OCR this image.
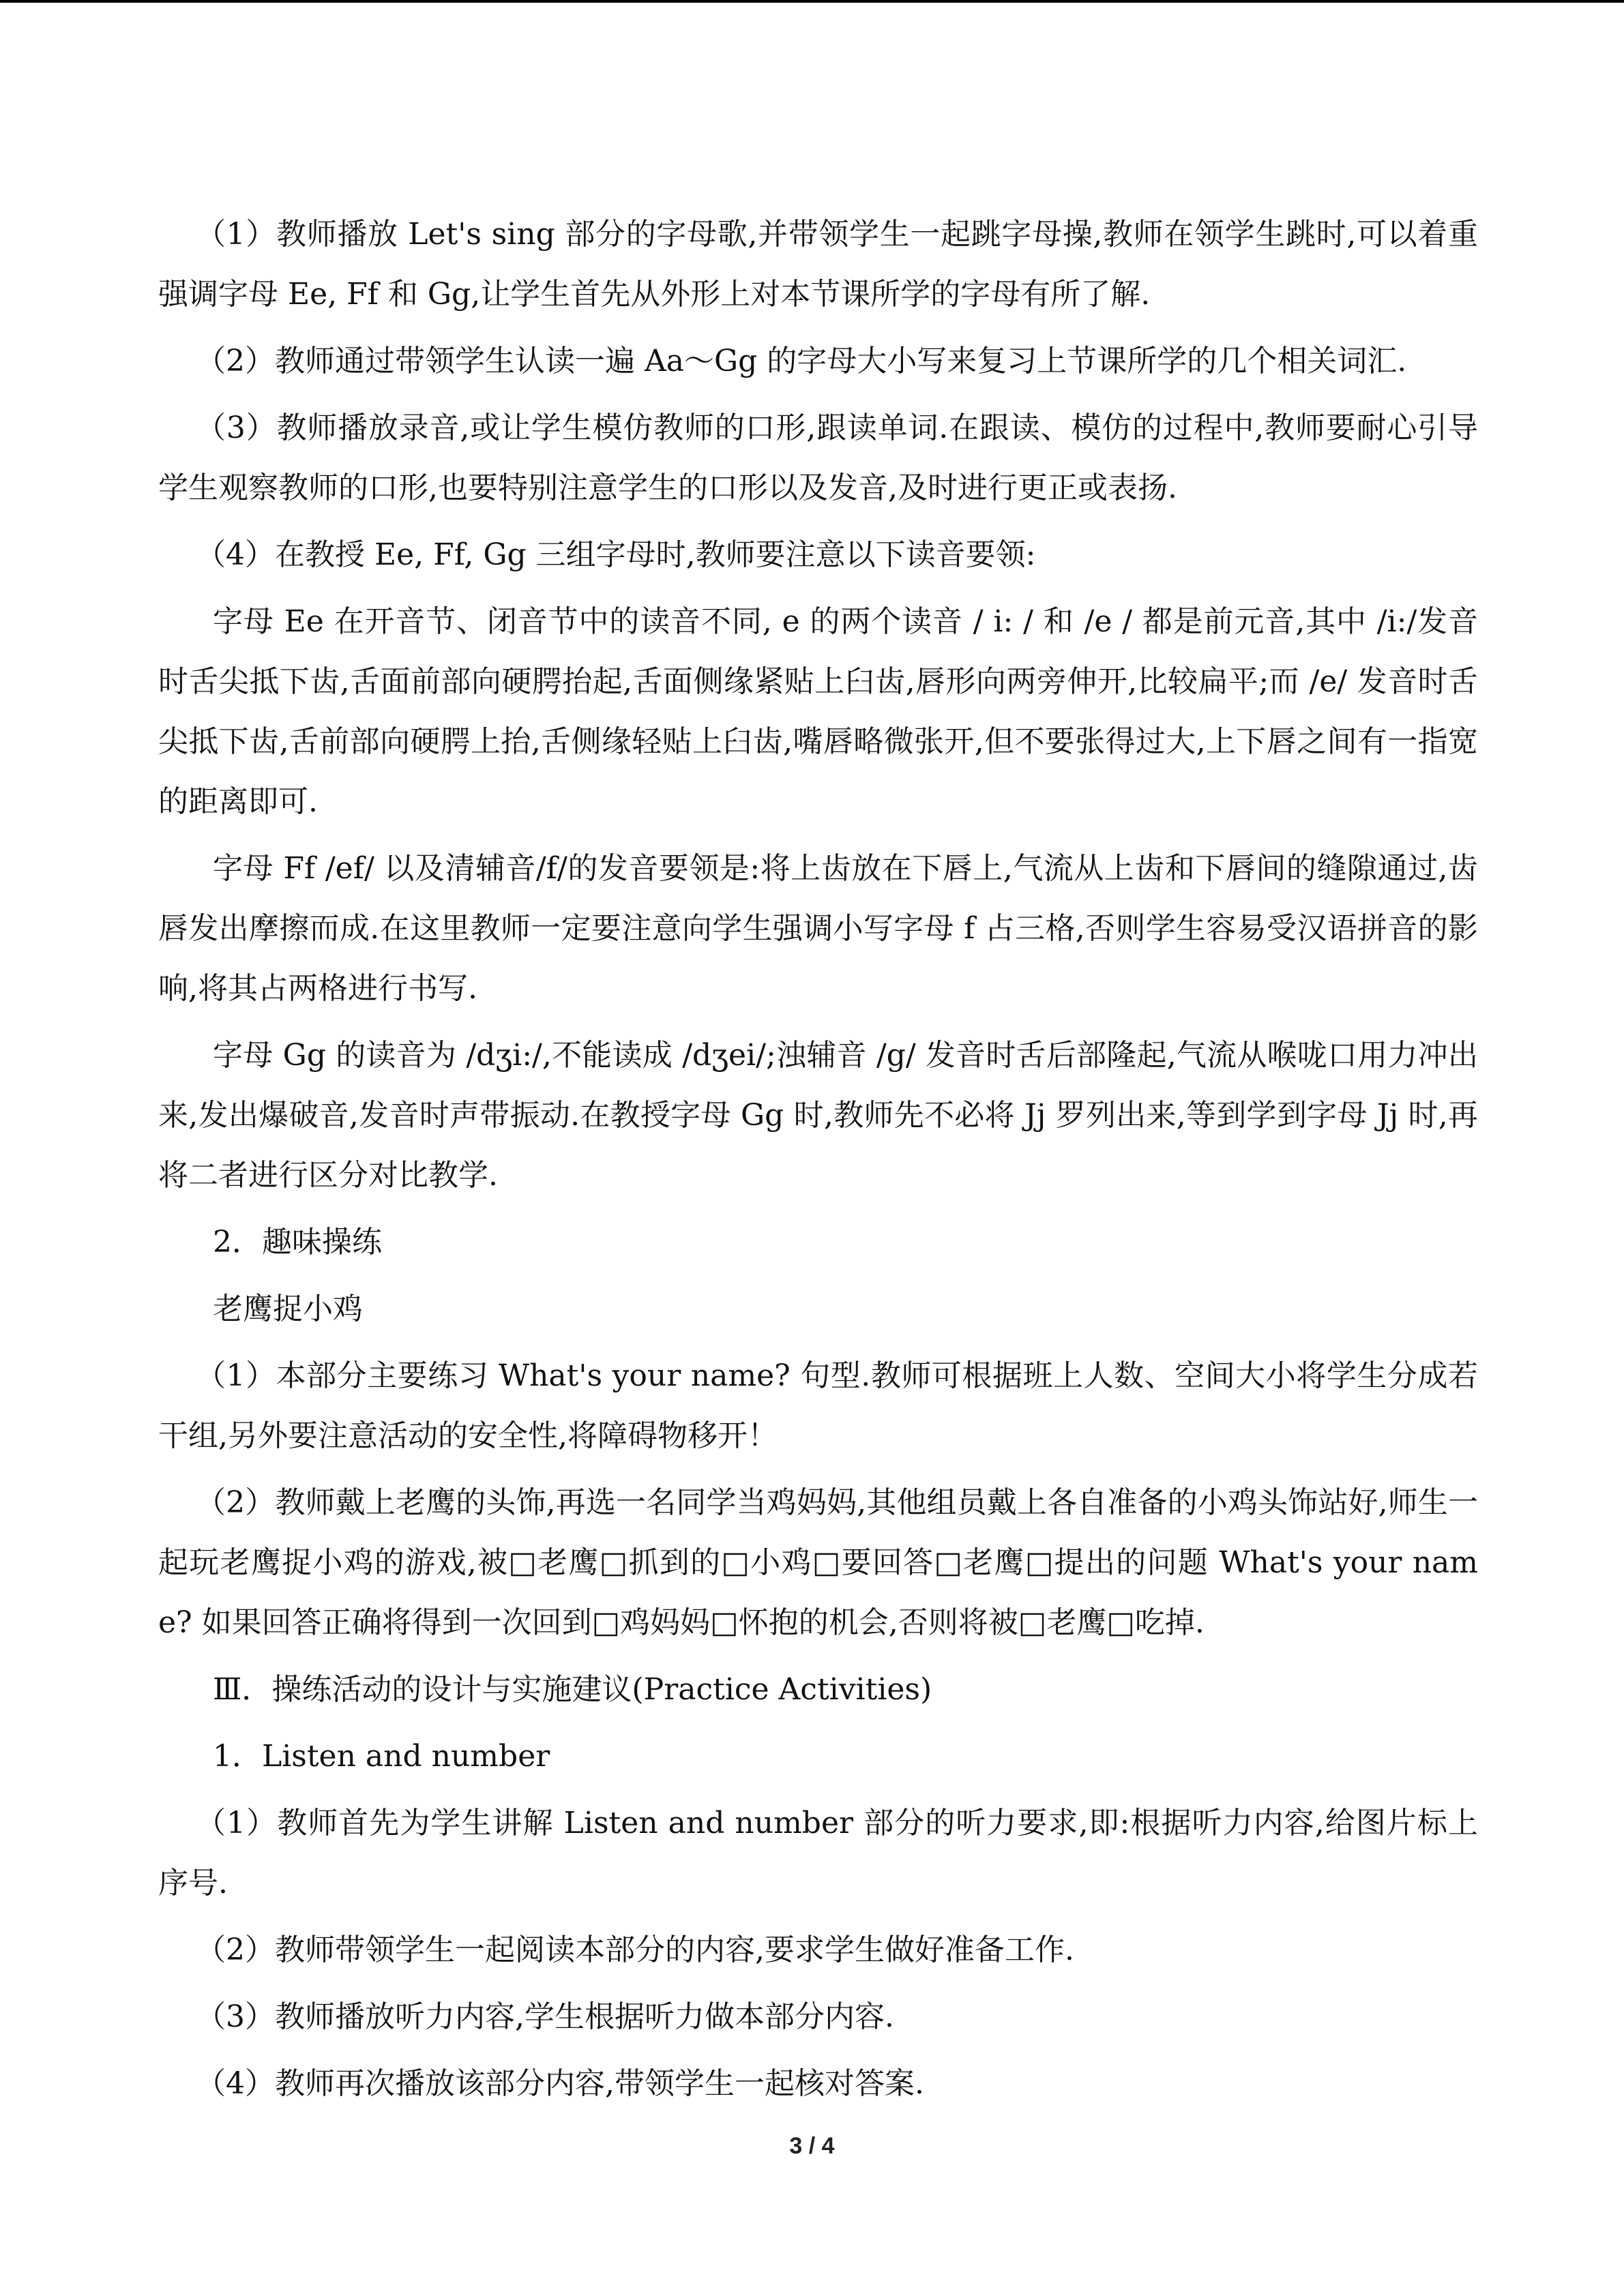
（1）教师播放 Let's sing 部分的字母歌,并带领学生一起跳字母操,教师在领学生跳时,可以着重强调字母 Ee, Ff 和 Gg,让学生首先从外形上对本节课所学的字母有所了解.

（2）教师通过带领学生认读一遍 Aa～Gg 的字母大小写来复习上节课所学的几个相关词汇.

（3）教师播放录音,或让学生模仿教师的口形,跟读单词.在跟读、模仿的过程中,教师要耐心引导学生观察教师的口形,也要特别注意学生的口形以及发音,及时进行更正或表扬.

（4）在教授 Ee, Ff, Gg 三组字母时,教师要注意以下读音要领:

字母 Ee 在开音节、闭音节中的读音不同, e 的两个读音 / i: / 和 /e / 都是前元音,其中 /i:/发音时舌尖抵下齿,舌面前部向硬腭抬起,舌面侧缘紧贴上臼齿,唇形向两旁伸开,比较扁平;而 /e/ 发音时舌尖抵下齿,舌前部向硬腭上抬,舌侧缘轻贴上臼齿,嘴唇略微张开,但不要张得过大,上下唇之间有一指宽的距离即可.

字母 Ff /ef/ 以及清辅音/f/的发音要领是:将上齿放在下唇上,气流从上齿和下唇间的缝隙通过,齿唇发出摩擦而成.在这里教师一定要注意向学生强调小写字母 f 占三格,否则学生容易受汉语拼音的影响,将其占两格进行书写.

字母 Gg 的读音为 /dʒi:/,不能读成 /dʒei/;浊辅音 /g/ 发音时舌后部隆起,气流从喉咙口用力冲出来,发出爆破音,发音时声带振动.在教授字母 Gg 时,教师先不必将 Jj 罗列出来,等到学到字母 Jj 时,再将二者进行区分对比教学.

2．趣味操练

老鹰捉小鸡

（1）本部分主要练习 What's your name? 句型.教师可根据班上人数、空间大小将学生分成若干组,另外要注意活动的安全性,将障碍物移开！

（2）教师戴上老鹰的头饰,再选一名同学当鸡妈妈,其他组员戴上各自准备的小鸡头饰站好,师生一起玩老鹰捉小鸡的游戏,被□老鹰□抓到的□小鸡□要回答□老鹰□提出的问题 What's your name? 如果回答正确将得到一次回到□鸡妈妈□怀抱的机会,否则将被□老鹰□吃掉.

Ⅲ．操练活动的设计与实施建议(Practice Activities)

1．Listen and number

（1）教师首先为学生讲解 Listen and number 部分的听力要求,即:根据听力内容,给图片标上序号.

（2）教师带领学生一起阅读本部分的内容,要求学生做好准备工作.

（3）教师播放听力内容,学生根据听力做本部分内容.

（4）教师再次播放该部分内容,带领学生一起核对答案.

3 / 4
